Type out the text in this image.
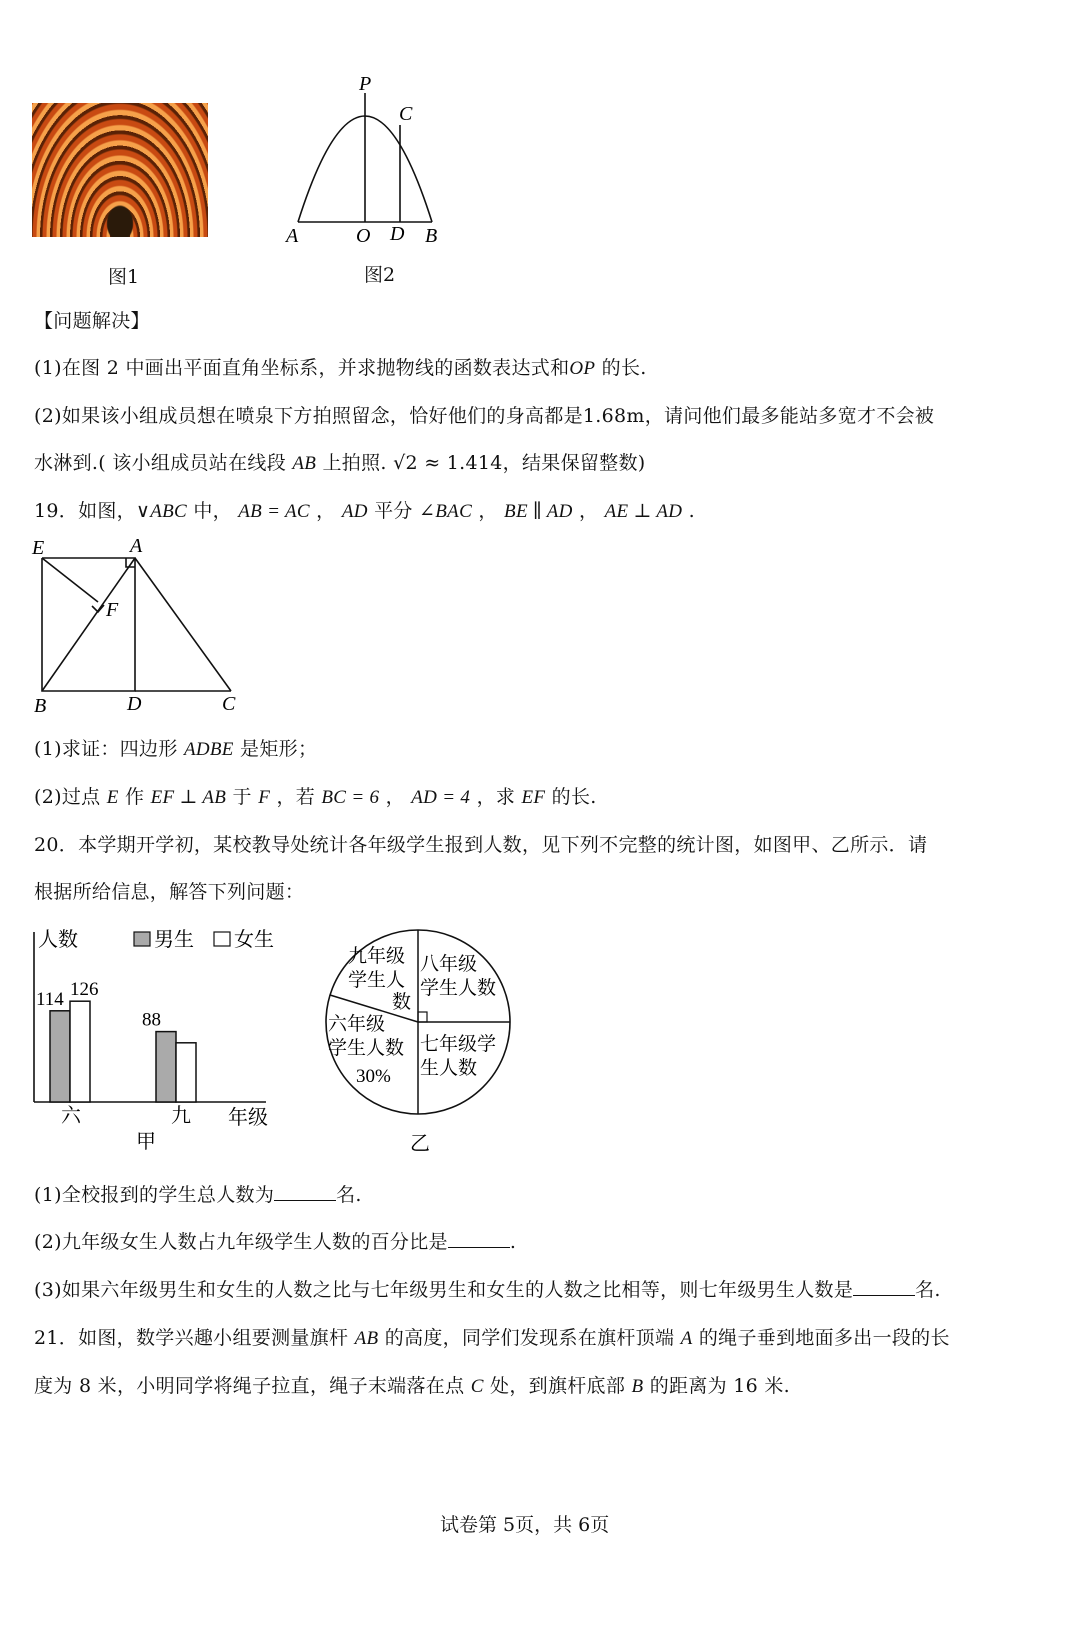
图1
P
C
A	O D B
图2
【问题解决】
(1)在图 2 中画出平面直角坐标系，并求抛物线的函数表达式和OP 的长.
(2)如果该小组成员想在喷泉下方拍照留念，恰好他们的身高都是1.68m，请问他们最多能站多宽才不会被
水淋到.( 该小组成员站在线段 AB 上拍照. √2 ≈ 1.414，结果保留整数)
19．如图，∨ABC 中， AB = AC ， AD 平分 ∠BAC ， BE ∥ AD ， AE ⊥ AD .
E	A
F
B	D	C
(1)求证：四边形 ADBE 是矩形；
(2)过点 E 作 EF ⊥ AB 于 F ，若 BC = 6 ， AD = 4 ，求 EF 的长.
20．本学期开学初，某校教导处统计各年级学生报到人数，见下列不完整的统计图，如图甲、乙所示．请
根据所给信息，解答下列问题：
人数	男生 女生
114
88
126
六	九 年级
甲
九年级
学生人
数
八年级
学生人数
六年级
学生人数
30%
七年级学
生人数
乙
(1)全校报到的学生总人数为	名.
(2)九年级女生人数占九年级学生人数的百分比是	.
(3)如果六年级男生和女生的人数之比与七年级男生和女生的人数之比相等，则七年级男生人数是	名.
21．如图，数学兴趣小组要测量旗杆 AB 的高度，同学们发现系在旗杆顶端 A 的绳子垂到地面多出一段的长
度为 8 米，小明同学将绳子拉直，绳子末端落在点 C 处，到旗杆底部 B 的距离为 16 米.
试卷第 5页，共 6页
